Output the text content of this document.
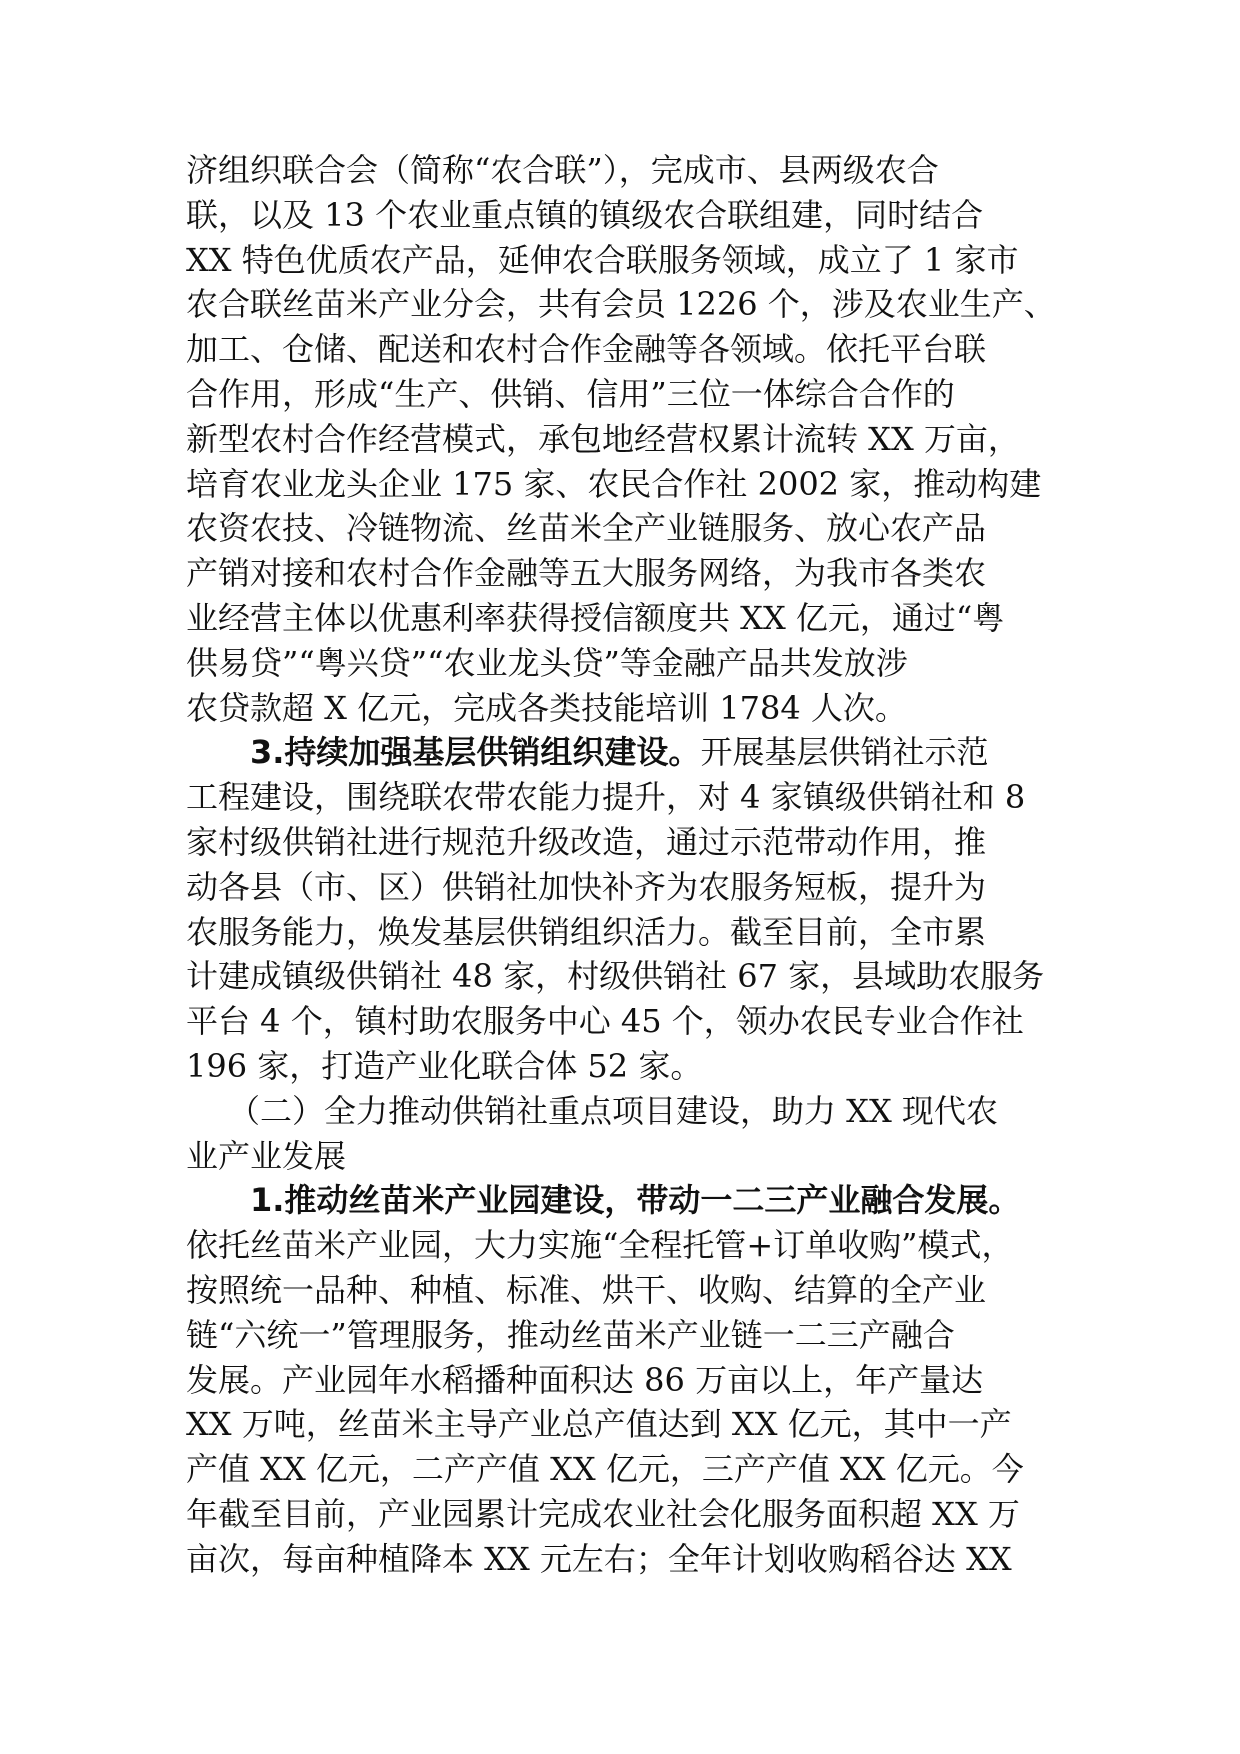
济组织联合会（简称“农合联”），完成市、县两级农合
联，以及 13 个农业重点镇的镇级农合联组建，同时结合
XX 特色优质农产品，延伸农合联服务领域，成立了 1 家市
农合联丝苗米产业分会，共有会员 1226 个，涉及农业生产、
加工、仓储、配送和农村合作金融等各领域。依托平台联
合作用，形成“生产、供销、信用”三位一体综合合作的
新型农村合作经营模式，承包地经营权累计流转 XX 万亩，
培育农业龙头企业 175 家、农民合作社 2002 家，推动构建
农资农技、冷链物流、丝苗米全产业链服务、放心农产品
产销对接和农村合作金融等五大服务网络，为我市各类农
业经营主体以优惠利率获得授信额度共 XX 亿元，通过“粤
供易贷”“粤兴贷”“农业龙头贷”等金融产品共发放涉
农贷款超 X 亿元，完成各类技能培训 1784 人次。
3.持续加强基层供销组织建设。开展基层供销社示范
工程建设，围绕联农带农能力提升，对 4 家镇级供销社和 8
家村级供销社进行规范升级改造，通过示范带动作用，推
动各县（市、区）供销社加快补齐为农服务短板，提升为
农服务能力，焕发基层供销组织活力。截至目前，全市累
计建成镇级供销社 48 家，村级供销社 67 家，县域助农服务
平台 4 个，镇村助农服务中心 45 个，领办农民专业合作社
196 家，打造产业化联合体 52 家。
（二）全力推动供销社重点项目建设，助力 XX 现代农
业产业发展
1.推动丝苗米产业园建设，带动一二三产业融合发展。
依托丝苗米产业园，大力实施“全程托管+订单收购”模式，
按照统一品种、种植、标准、烘干、收购、结算的全产业
链“六统一”管理服务，推动丝苗米产业链一二三产融合
发展。产业园年水稻播种面积达 86 万亩以上，年产量达
XX 万吨，丝苗米主导产业总产值达到 XX 亿元，其中一产
产值 XX 亿元，二产产值 XX 亿元，三产产值 XX 亿元。今
年截至目前，产业园累计完成农业社会化服务面积超 XX 万
亩次，每亩种植降本 XX 元左右；全年计划收购稻谷达 XX
